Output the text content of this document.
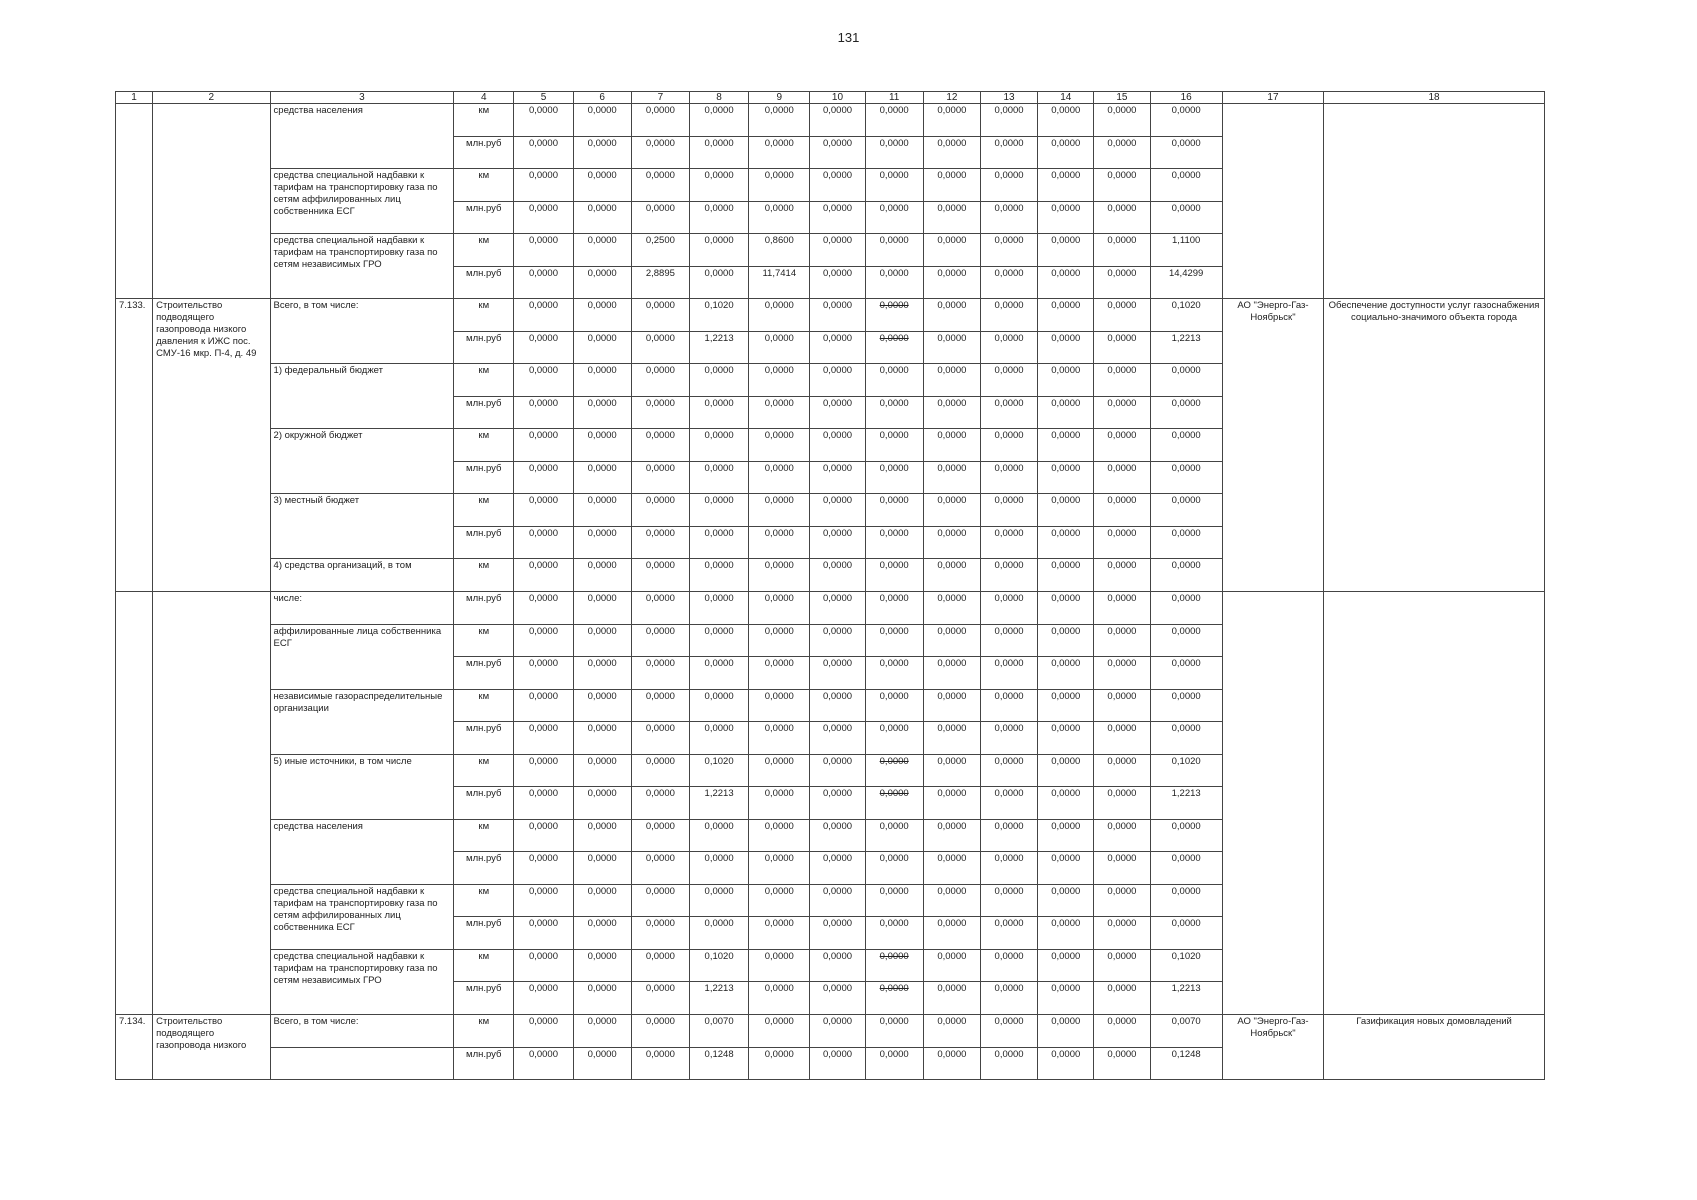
131
1	2	3	4	5	6	7	8	9	10	11	12	13	14	15	16	17	18
		средства населения	км	0,0000	0,0000	0,0000	0,0000	0,0000	0,0000	0,0000	0,0000	0,0000	0,0000	0,0000	0,0000		
			млн.руб	0,0000	0,0000	0,0000	0,0000	0,0000	0,0000	0,0000	0,0000	0,0000	0,0000	0,0000	0,0000		
		средства специальной надбавки к тарифам на транспортировку газа по сетям аффилированных лиц собственника ЕСГ	км	0,0000	0,0000	0,0000	0,0000	0,0000	0,0000	0,0000	0,0000	0,0000	0,0000	0,0000	0,0000		
			млн.руб	0,0000	0,0000	0,0000	0,0000	0,0000	0,0000	0,0000	0,0000	0,0000	0,0000	0,0000	0,0000		
		средства специальной надбавки к тарифам на транспортировку газа по сетям независимых ГРО	км	0,0000	0,0000	0,2500	0,0000	0,8600	0,0000	0,0000	0,0000	0,0000	0,0000	0,0000	1,1100		
			млн.руб	0,0000	0,0000	2,8895	0,0000	11,7414	0,0000	0,0000	0,0000	0,0000	0,0000	0,0000	14,4299		
7.133.	Строительство подводящего газопровода низкого давления к ИЖС пос. СМУ-16 мкр. П-4, д. 49	Всего, в том числе:	км	0,0000	0,0000	0,0000	0,1020	0,0000	0,0000	0,0000	0,0000	0,0000	0,0000	0,0000	0,1020	АО "Энерго-Газ-Ноябрьск"	Обеспечение доступности услуг газоснабжения социально-значимого объекта города
			млн.руб	0,0000	0,0000	0,0000	1,2213	0,0000	0,0000	0,0000	0,0000	0,0000	0,0000	0,0000	1,2213		
		1) федеральный бюджет	км	0,0000	0,0000	0,0000	0,0000	0,0000	0,0000	0,0000	0,0000	0,0000	0,0000	0,0000	0,0000		
			млн.руб	0,0000	0,0000	0,0000	0,0000	0,0000	0,0000	0,0000	0,0000	0,0000	0,0000	0,0000	0,0000		
		2) окружной бюджет	км	0,0000	0,0000	0,0000	0,0000	0,0000	0,0000	0,0000	0,0000	0,0000	0,0000	0,0000	0,0000		
			млн.руб	0,0000	0,0000	0,0000	0,0000	0,0000	0,0000	0,0000	0,0000	0,0000	0,0000	0,0000	0,0000		
		3) местный бюджет	км	0,0000	0,0000	0,0000	0,0000	0,0000	0,0000	0,0000	0,0000	0,0000	0,0000	0,0000	0,0000		
			млн.руб	0,0000	0,0000	0,0000	0,0000	0,0000	0,0000	0,0000	0,0000	0,0000	0,0000	0,0000	0,0000		
		4) средства организаций, в том	км	0,0000	0,0000	0,0000	0,0000	0,0000	0,0000	0,0000	0,0000	0,0000	0,0000	0,0000	0,0000		
		числе:	млн.руб	0,0000	0,0000	0,0000	0,0000	0,0000	0,0000	0,0000	0,0000	0,0000	0,0000	0,0000	0,0000		
		аффилированные лица собственника ЕСГ	км	0,0000	0,0000	0,0000	0,0000	0,0000	0,0000	0,0000	0,0000	0,0000	0,0000	0,0000	0,0000		
			млн.руб	0,0000	0,0000	0,0000	0,0000	0,0000	0,0000	0,0000	0,0000	0,0000	0,0000	0,0000	0,0000		
		независимые газораспределительные организации	км	0,0000	0,0000	0,0000	0,0000	0,0000	0,0000	0,0000	0,0000	0,0000	0,0000	0,0000	0,0000		
			млн.руб	0,0000	0,0000	0,0000	0,0000	0,0000	0,0000	0,0000	0,0000	0,0000	0,0000	0,0000	0,0000		
		5) иные источники, в том числе	км	0,0000	0,0000	0,0000	0,1020	0,0000	0,0000	0,0000	0,0000	0,0000	0,0000	0,0000	0,1020		
			млн.руб	0,0000	0,0000	0,0000	1,2213	0,0000	0,0000	0,0000	0,0000	0,0000	0,0000	0,0000	1,2213		
		средства населения	км	0,0000	0,0000	0,0000	0,0000	0,0000	0,0000	0,0000	0,0000	0,0000	0,0000	0,0000	0,0000		
			млн.руб	0,0000	0,0000	0,0000	0,0000	0,0000	0,0000	0,0000	0,0000	0,0000	0,0000	0,0000	0,0000		
		средства специальной надбавки к тарифам на транспортировку газа по сетям аффилированных лиц собственника ЕСГ	км	0,0000	0,0000	0,0000	0,0000	0,0000	0,0000	0,0000	0,0000	0,0000	0,0000	0,0000	0,0000		
			млн.руб	0,0000	0,0000	0,0000	0,0000	0,0000	0,0000	0,0000	0,0000	0,0000	0,0000	0,0000	0,0000		
		средства специальной надбавки к тарифам на транспортировку газа по сетям независимых ГРО	км	0,0000	0,0000	0,0000	0,1020	0,0000	0,0000	0,0000	0,0000	0,0000	0,0000	0,0000	0,1020		
			млн.руб	0,0000	0,0000	0,0000	1,2213	0,0000	0,0000	0,0000	0,0000	0,0000	0,0000	0,0000	1,2213		
7.134.	Строительство подводящего газопровода низкого	Всего, в том числе:	км	0,0000	0,0000	0,0000	0,0070	0,0000	0,0000	0,0000	0,0000	0,0000	0,0000	0,0000	0,0070	АО "Энерго-Газ-Ноябрьск"	Газификация новых домовладений
			млн.руб	0,0000	0,0000	0,0000	0,1248	0,0000	0,0000	0,0000	0,0000	0,0000	0,0000	0,0000	0,1248		
